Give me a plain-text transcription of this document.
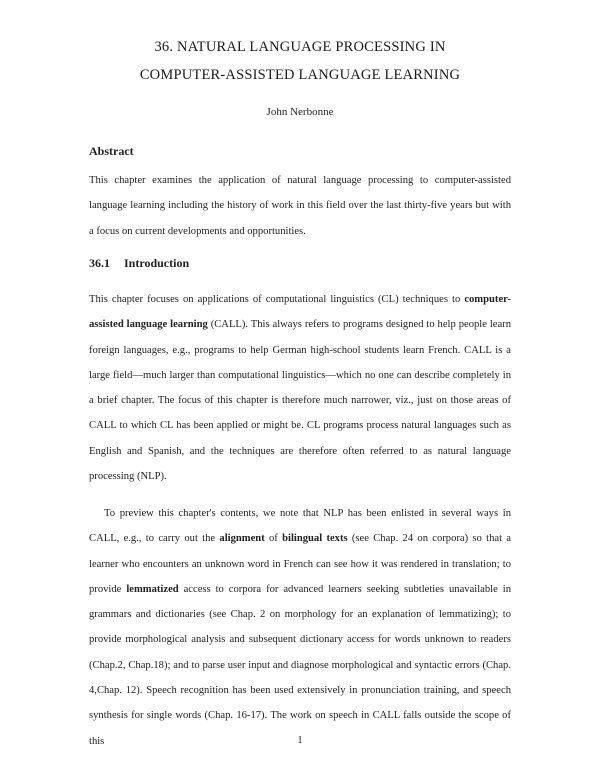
36. NATURAL LANGUAGE PROCESSING IN
COMPUTER-ASSISTED LANGUAGE LEARNING
John Nerbonne
Abstract
This chapter examines the application of natural language processing to computer-assisted language learning including the history of work in this field over the last thirty-five years but with a focus on current developments and opportunities.
36.1 Introduction
This chapter focuses on applications of computational linguistics (CL) techniques to computer-assisted language learning (CALL). This always refers to programs designed to help people learn foreign languages, e.g., programs to help German high-school students learn French. CALL is a large field—much larger than computational linguistics—which no one can describe completely in a brief chapter. The focus of this chapter is therefore much narrower, viz., just on those areas of CALL to which CL has been applied or might be. CL programs process natural languages such as English and Spanish, and the techniques are therefore often referred to as natural language processing (NLP).
To preview this chapter's contents, we note that NLP has been enlisted in several ways in CALL, e.g., to carry out the alignment of bilingual texts (see Chap. 24 on corpora) so that a learner who encounters an unknown word in French can see how it was rendered in translation; to provide lemmatized access to corpora for advanced learners seeking subtleties unavailable in grammars and dictionaries (see Chap. 2 on morphology for an explanation of lemmatizing); to provide morphological analysis and subsequent dictionary access for words unknown to readers (Chap.2, Chap.18); and to parse user input and diagnose morphological and syntactic errors (Chap. 4,Chap. 12). Speech recognition has been used extensively in pronunciation training, and speech synthesis for single words (Chap. 16-17). The work on speech in CALL falls outside the scope of this	1
